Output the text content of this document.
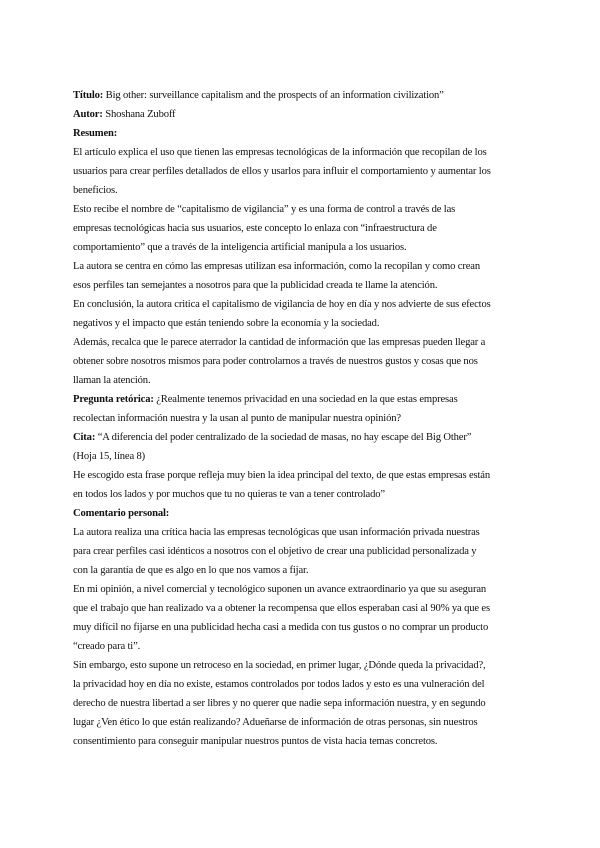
Título: Big other: surveillance capitalism and the prospects of an information civilization”
Autor: Shoshana Zuboff
Resumen:
El artículo explica el uso que tienen las empresas tecnológicas de la información que recopilan de los
usuarios para crear perfiles detallados de ellos y usarlos para influir el comportamiento y aumentar los
beneficios.
Esto recibe el nombre de “capitalismo de vigilancia” y es una forma de control a través de las
empresas tecnológicas hacia sus usuarios, este concepto lo enlaza con “infraestructura de
comportamiento” que a través de la inteligencia artificial manipula a los usuarios.
La autora se centra en cómo las empresas utilizan esa información, como la recopilan y como crean
esos perfiles tan semejantes a nosotros para que la publicidad creada te llame la atención.
En conclusión, la autora critica el capitalismo de vigilancia de hoy en día y nos advierte de sus efectos
negativos y el impacto que están teniendo sobre la economía y la sociedad.
Además, recalca que le parece aterrador la cantidad de información que las empresas pueden llegar a
obtener sobre nosotros mismos para poder controlarnos a través de nuestros gustos y cosas que nos
llaman la atención.
Pregunta retórica: ¿Realmente tenemos privacidad en una sociedad en la que estas empresas
recolectan información nuestra y la usan al punto de manipular nuestra opinión?
Cita: “A diferencia del poder centralizado de la sociedad de masas, no hay escape del Big Other”
(Hoja 15, línea 8)
He escogido esta frase porque refleja muy bien la idea principal del texto, de que estas empresas están
en todos los lados y por muchos que tu no quieras te van a tener controlado”
Comentario personal:
La autora realiza una crítica hacia las empresas tecnológicas que usan información privada nuestras
para crear perfiles casi idénticos a nosotros con el objetivo de crear una publicidad personalizada y
con la garantía de que es algo en lo que nos vamos a fijar.
En mi opinión, a nivel comercial y tecnológico suponen un avance extraordinario ya que su aseguran
que el trabajo que han realizado va a obtener la recompensa que ellos esperaban casi al 90% ya que es
muy difícil no fijarse en una publicidad hecha casi a medida con tus gustos o no comprar un producto
“creado para ti”.
Sin embargo, esto supone un retroceso en la sociedad, en primer lugar, ¿Dónde queda la privacidad?,
la privacidad hoy en día no existe, estamos controlados por todos lados y esto es una vulneración del
derecho de nuestra libertad a ser libres y no querer que nadie sepa información nuestra, y en segundo
lugar ¿Ven ético lo que están realizando? Adueñarse de información de otras personas, sin nuestros
consentimiento para conseguir manipular nuestros puntos de vista hacia temas concretos.
